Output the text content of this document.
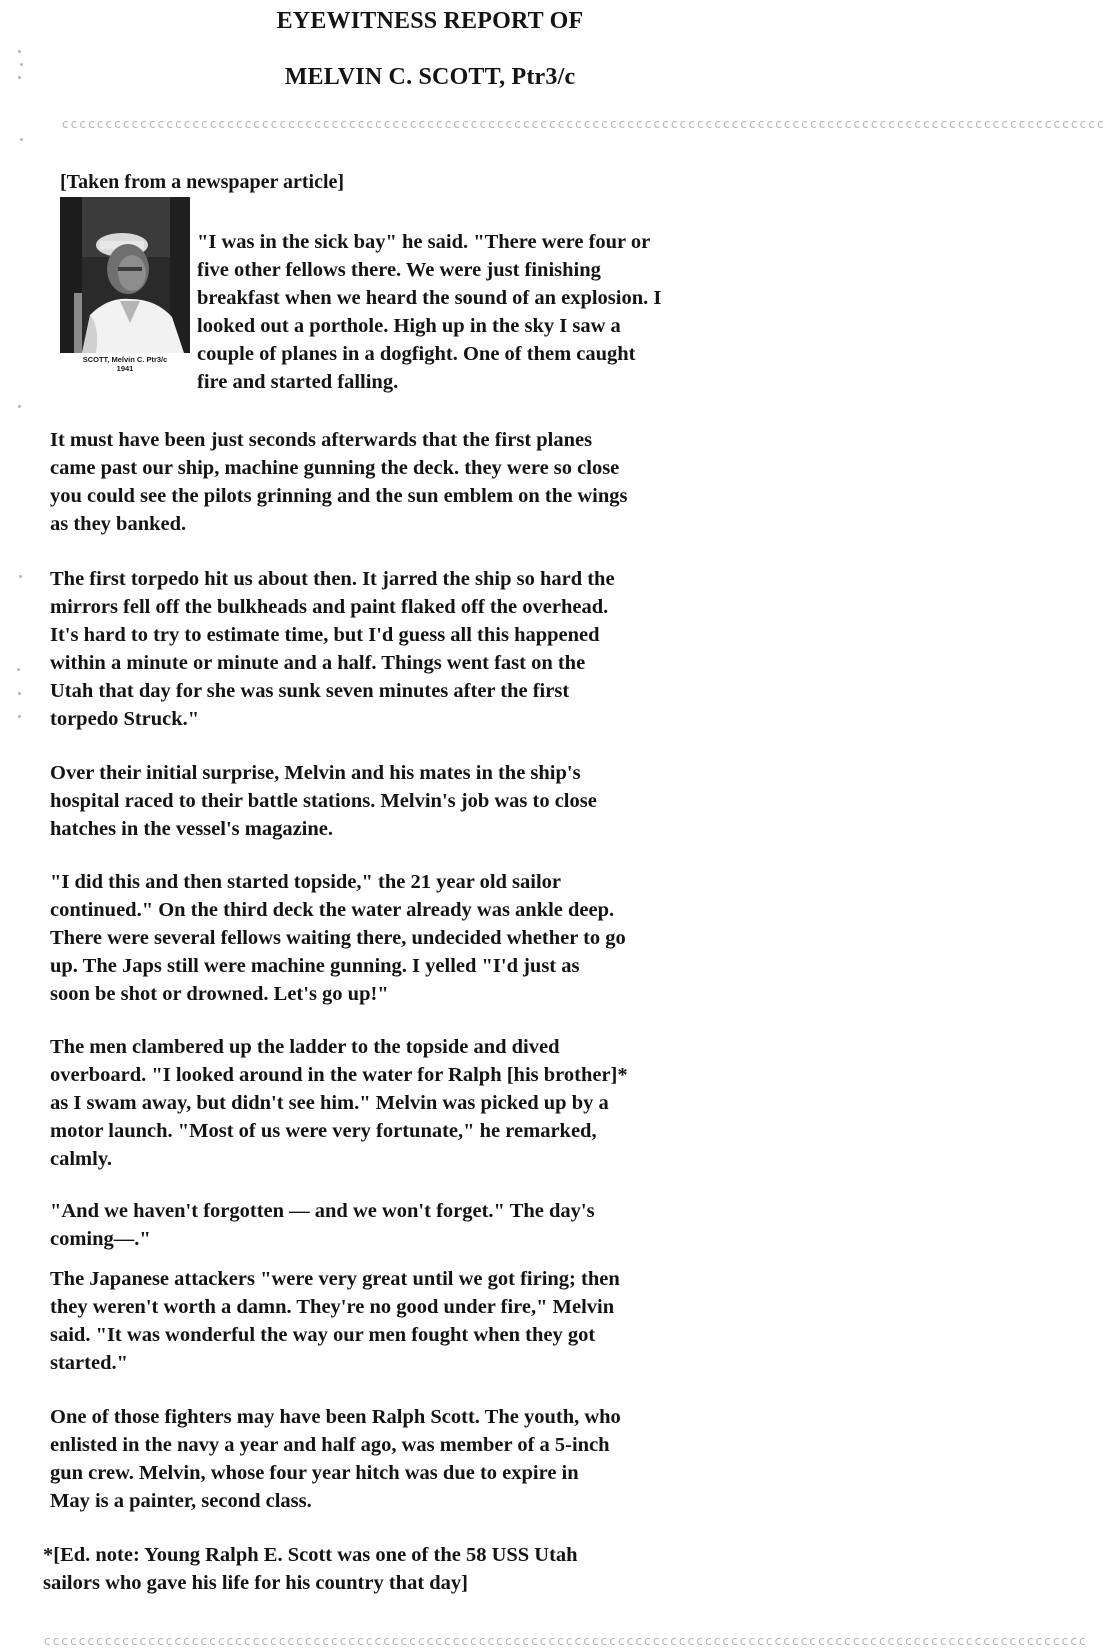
EYEWITNESS REPORT OF
MELVIN C. SCOTT, Ptr3/c
cccccccccccccccccccccccccccccccccccccccccccccccccccccccccccccccccccccccccccccccccccccccccccccccccccccccccccccccccccccccc
[Taken from a newspaper article]
SCOTT, Melvin C. Ptr3/c
1941
"I was in the sick bay" he said. "There were four or
five other fellows there. We were just finishing
breakfast when we heard the sound of an explosion. I
looked out a porthole. High up in the sky I saw a
couple of planes in a dogfight. One of them caught
fire and started falling.
It must have been just seconds afterwards that the first planes
came past our ship, machine gunning the deck. they were so close
you could see the pilots grinning and the sun emblem on the wings
as they banked.
The first torpedo hit us about then. It jarred the ship so hard the
mirrors fell off the bulkheads and paint flaked off the overhead.
It's hard to try to estimate time, but I'd guess all this happened
within a minute or minute and a half. Things went fast on the
Utah that day for she was sunk seven minutes after the first
torpedo Struck."
Over their initial surprise, Melvin and his mates in the ship's
hospital raced to their battle stations. Melvin's job was to close
hatches in the vessel's magazine.
"I did this and then started topside," the 21 year old sailor
continued." On the third deck the water already was ankle deep.
There were several fellows waiting there, undecided whether to go
up. The Japs still were machine gunning. I yelled "I'd just as
soon be shot or drowned. Let's go up!"
The men clambered up the ladder to the topside and dived
overboard. "I looked around in the water for Ralph [his brother]*
as I swam away, but didn't see him." Melvin was picked up by a
motor launch. "Most of us were very fortunate," he remarked,
calmly.
"And we haven't forgotten — and we won't forget." The day's
coming—."
The Japanese attackers "were very great until we got firing; then
they weren't worth a damn. They're no good under fire," Melvin
said. "It was wonderful the way our men fought when they got
started."
One of those fighters may have been Ralph Scott. The youth, who
enlisted in the navy a year and half ago, was member of a 5-inch
gun crew. Melvin, whose four year hitch was due to expire in
May is a painter, second class.
*[Ed. note: Young Ralph E. Scott was one of the 58 USS Utah
sailors who gave his life for his country that day]
cccccccccccccccccccccccccccccccccccccccccccccccccccccccccccccccccccccccccccccccccccccccccccccccccccccccccccccccccccccccc
